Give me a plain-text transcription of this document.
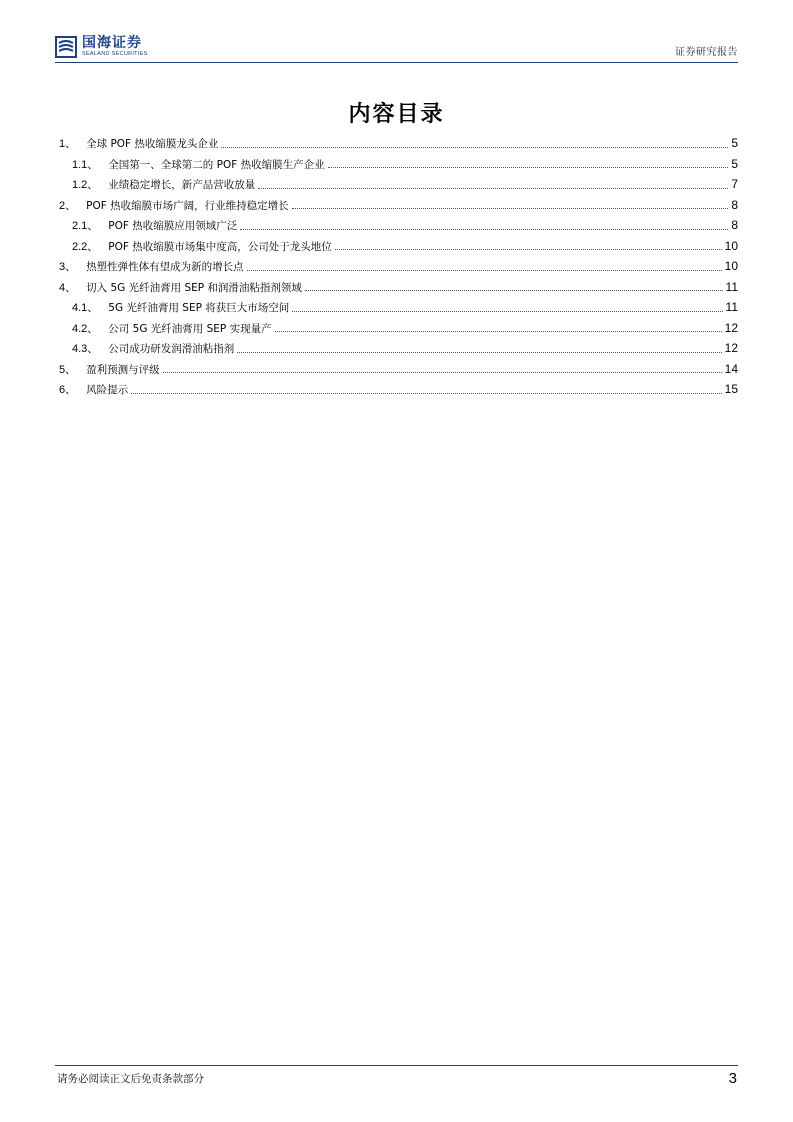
国海证券
SEALAND SECURITIES	证券研究报告
内容目录
1、 全球 POF 热收缩膜龙头企业	5
1.1、 全国第一、全球第二的 POF 热收缩膜生产企业	5
1.2、 业绩稳定增长，新产品营收放量	7
2、 POF 热收缩膜市场广阔，行业维持稳定增长	8
2.1、 POF 热收缩膜应用领域广泛	8
2.2、 POF 热收缩膜市场集中度高，公司处于龙头地位	10
3、 热塑性弹性体有望成为新的增长点	10
4、 切入 5G 光纤油膏用 SEP 和润滑油粘指剂领域	11
4.1、 5G 光纤油膏用 SEP 将获巨大市场空间	11
4.2、 公司 5G 光纤油膏用 SEP 实现量产	12
4.3、 公司成功研发润滑油粘指剂	12
5、 盈利预测与评级	14
6、 风险提示	15
请务必阅读正文后免责条款部分	3
